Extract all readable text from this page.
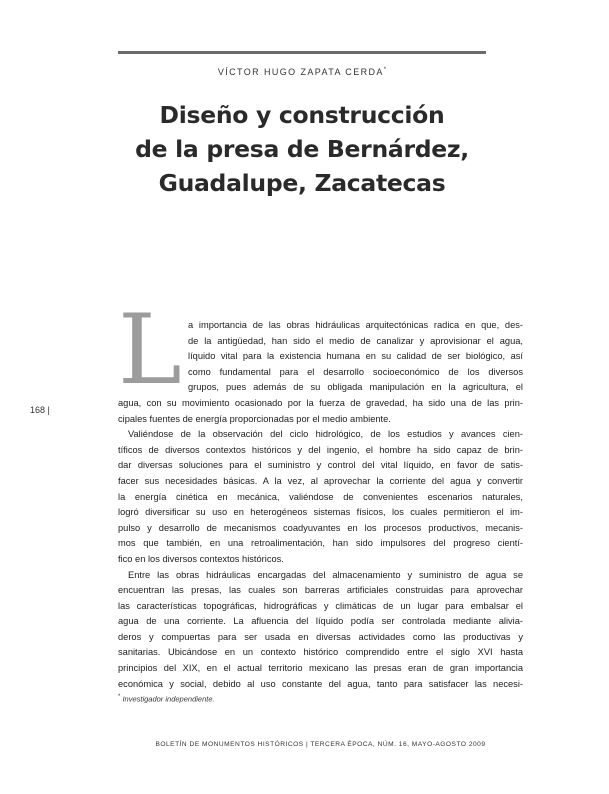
VÍCTOR HUGO ZAPATA CERDA*
Diseño y construcción
de la presa de Bernárdez,
Guadalupe, Zacatecas
L
168 |
a importancia de las obras hidráulicas arquitectónicas radica en que, des-
de la antigüedad, han sido el medio de canalizar y aprovisionar el agua,
líquido vital para la existencia humana en su calidad de ser biológico, así
como fundamental para el desarrollo socioeconómico de los diversos
grupos, pues además de su obligada manipulación en la agricultura, el
agua, con su movimiento ocasionado por la fuerza de gravedad, ha sido una de las prin-
cipales fuentes de energía proporcionadas por el medio ambiente.
Valiéndose de la observación del ciclo hidrológico, de los estudios y avances cien-
tíficos de diversos contextos históricos y del ingenio, el hombre ha sido capaz de brin-
dar diversas soluciones para el suministro y control del vital líquido, en favor de satis-
facer sus necesidades básicas. A la vez, al aprovechar la corriente del agua y convertir
la energía cinética en mecánica, valiéndose de convenientes escenarios naturales,
logró diversificar su uso en heterogéneos sistemas físicos, los cuales permitieron el im-
pulso y desarrollo de mecanismos coadyuvantes en los procesos productivos, mecanis-
mos que también, en una retroalimentación, han sido impulsores del progreso cientí-
fico en los diversos contextos históricos.
Entre las obras hidráulicas encargadas del almacenamiento y suministro de agua se
encuentran las presas, las cuales son barreras artificiales construidas para aprovechar
las características topográficas, hidrográficas y climáticas de un lugar para embalsar el
agua de una corriente. La afluencia del líquido podía ser controlada mediante alivia-
deros y compuertas para ser usada en diversas actividades como las productivas y
sanitarias. Ubicándose en un contexto histórico comprendido entre el siglo XVI hasta
principios del XIX, en el actual territorio mexicano las presas eran de gran importancia
económica y social, debido al uso constante del agua, tanto para satisfacer las necesi-
* Investigador independiente.
BOLETÍN DE MONUMENTOS HISTÓRICOS | TERCERA ÉPOCA, NÚM. 16, MAYO-AGOSTO 2009
